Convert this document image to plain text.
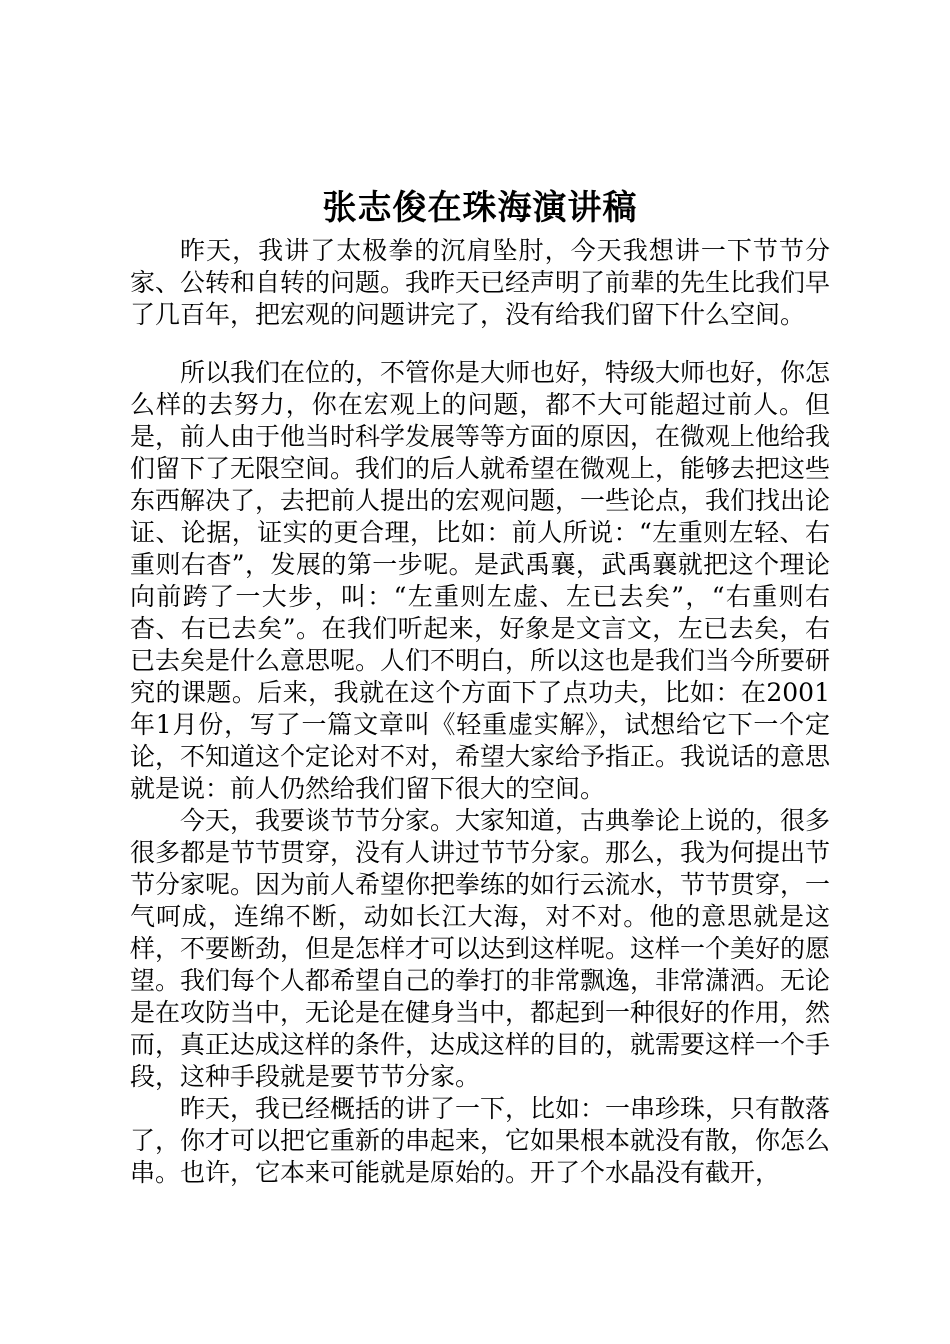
张志俊在珠海演讲稿

昨天，我讲了太极拳的沉肩坠肘，今天我想讲一下节节分家、公转和自转的问题。我昨天已经声明了前辈的先生比我们早了几百年，把宏观的问题讲完了，没有给我们留下什么空间。

所以我们在位的，不管你是大师也好，特级大师也好，你怎么样的去努力，你在宏观上的问题，都不大可能超过前人。但是，前人由于他当时科学发展等等方面的原因，在微观上他给我们留下了无限空间。我们的后人就希望在微观上，能够去把这些东西解决了，去把前人提出的宏观问题，一些论点，我们找出论证、论据，证实的更合理，比如：前人所说：“左重则左轻、右重则右杳”，发展的第一步呢。是武禹襄，武禹襄就把这个理论向前跨了一大步，叫：“左重则左虚、左已去矣”，“右重则右杳、右已去矣”。在我们听起来，好象是文言文，左已去矣，右已去矣是什么意思呢。人们不明白，所以这也是我们当今所要研究的课题。后来，我就在这个方面下了点功夫，比如：在2001年1月份，写了一篇文章叫《轻重虚实解》，试想给它下一个定论，不知道这个定论对不对，希望大家给予指正。我说话的意思就是说：前人仍然给我们留下很大的空间。

今天，我要谈节节分家。大家知道，古典拳论上说的，很多很多都是节节贯穿，没有人讲过节节分家。那么，我为何提出节节分家呢。因为前人希望你把拳练的如行云流水，节节贯穿，一气呵成，连绵不断，动如长江大海，对不对。他的意思就是这样，不要断劲，但是怎样才可以达到这样呢。这样一个美好的愿望。我们每个人都希望自己的拳打的非常飘逸，非常潇洒。无论是在攻防当中，无论是在健身当中，都起到一种很好的作用，然而，真正达成这样的条件，达成这样的目的，就需要这样一个手段，这种手段就是要节节分家。

昨天，我已经概括的讲了一下，比如：一串珍珠，只有散落了，你才可以把它重新的串起来，它如果根本就没有散，你怎么串。也许，它本来可能就是原始的。开了个水晶没有截开，
